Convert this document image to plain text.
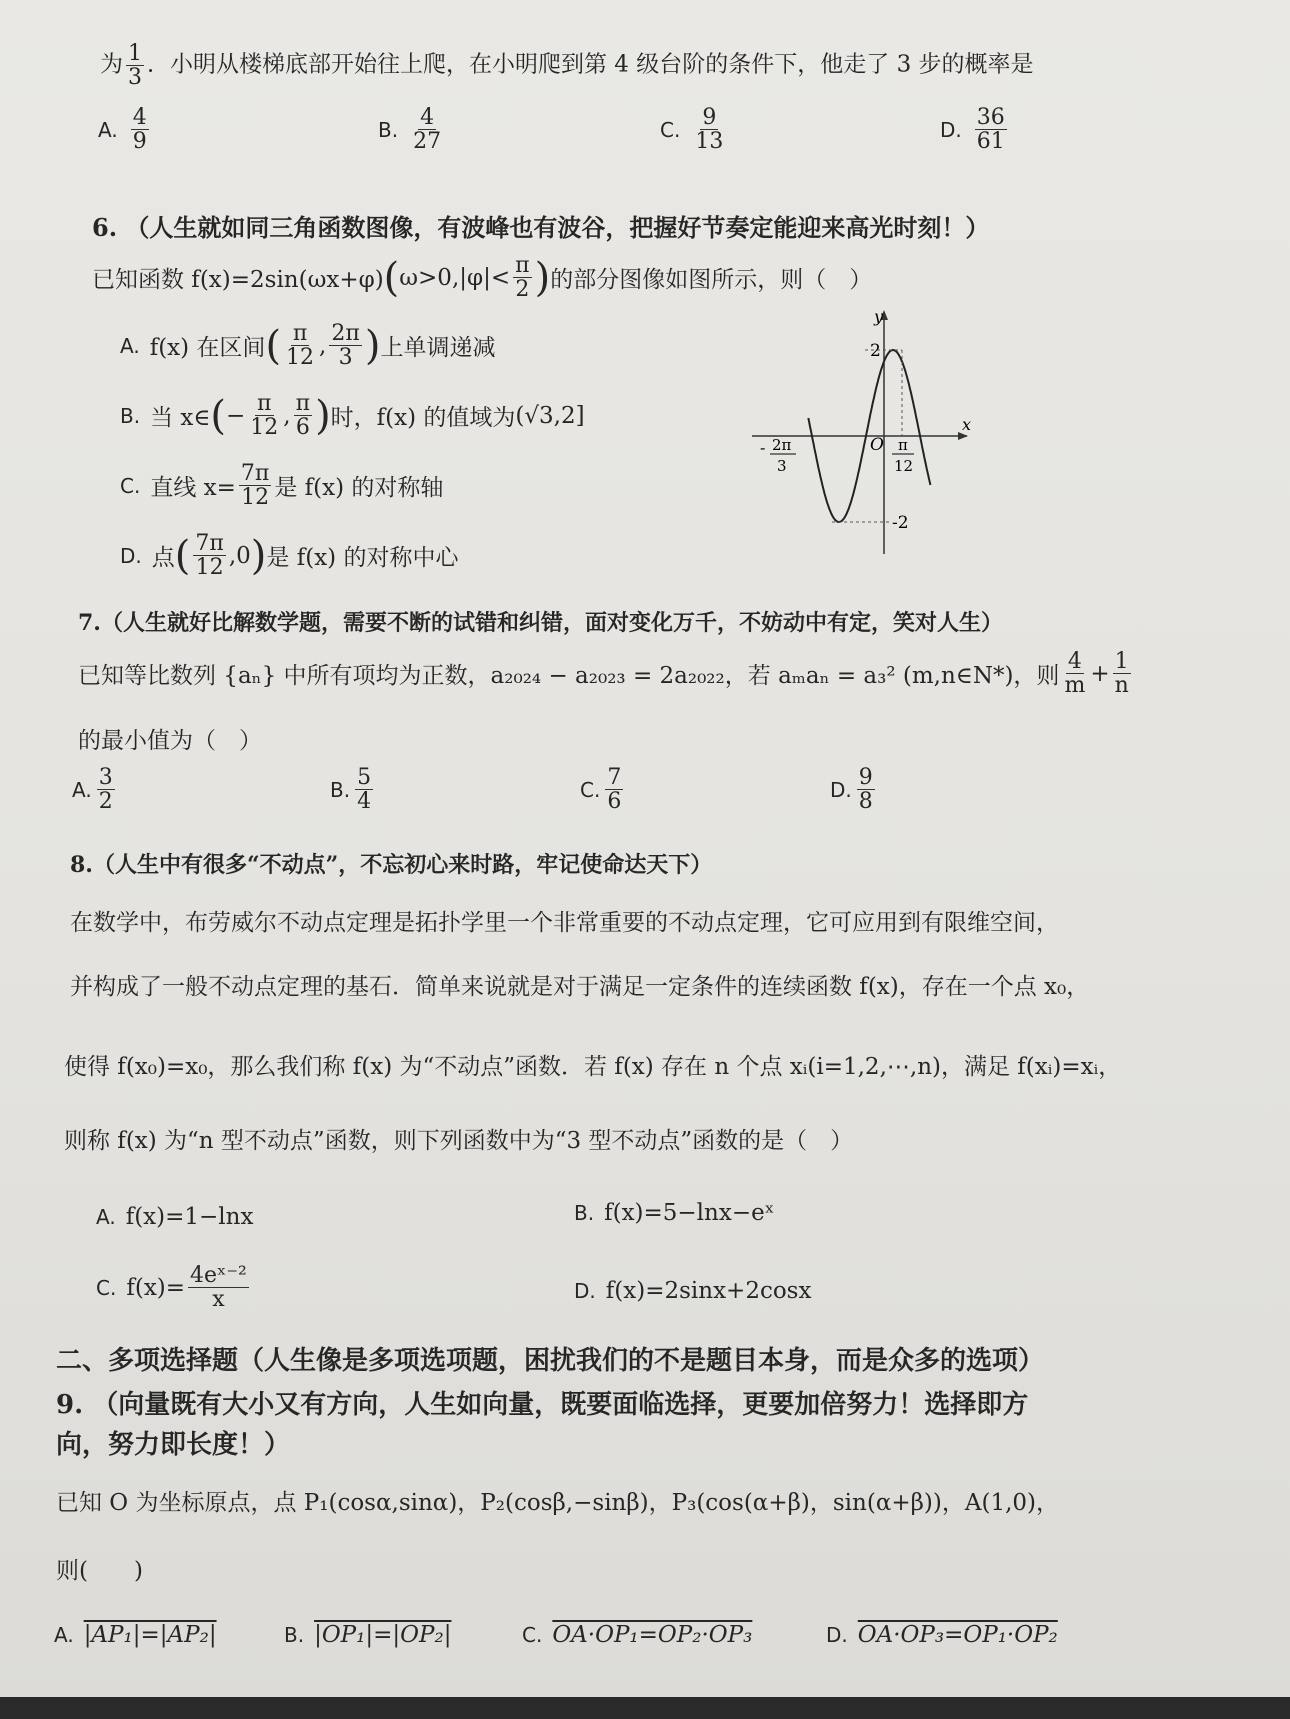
为 $\frac{1}{3}$ ．小明从楼梯底部开始往上爬，在小明爬到第 4 级台阶的条件下，他走了 3 步的概率是
A. $\frac{4}{9}$	B. $\frac{4}{27}$	C. $\frac{9}{13}$	D. $\frac{36}{61}$
6. （人生就如同三角函数图像，有波峰也有波谷，把握好节奏定能迎来高光时刻！）
已知函数 f(x)=2sin(ωx+φ) ( $\omega>0,|\varphi|< \frac{\pi}{2}$ ) 的部分图像如图所示，则（　）
A. f(x) 在区间 ( $\frac{\pi}{12}$ , $\frac{2\pi}{3}$ ) 上单调递减
B. 当 x∈ ( − $\frac{\pi}{12}$ , $\frac{\pi}{6}$ ) 时，f(x) 的值域为 (√3,2]
C. 直线 $x= \frac{7\pi}{12}$ 是 f(x) 的对称轴
D. 点 ( $\frac{7\pi}{12} ,0$ ) 是 f(x) 的对称中心
y
x
O
2
-2
- 2π
3
π
12
7.（人生就好比解数学题，需要不断的试错和纠错，面对变化万千，不妨动中有定，笑对人生）
已知等比数列 {aₙ} 中所有项均为正数，a₂₀₂₄ − a₂₀₂₃ = 2a₂₀₂₂，若 aₘaₙ = a₃² (m,n∈N*)，则 $\frac{4}{m} + \frac{1}{n}$
的最小值为（　）
A. $\frac{3}{2}$	B. $\frac{5}{4}$	C. $\frac{7}{6}$	D. $\frac{9}{8}$
8.（人生中有很多“不动点”，不忘初心来时路，牢记使命达天下）
在数学中，布劳威尔不动点定理是拓扑学里一个非常重要的不动点定理，它可应用到有限维空间，
并构成了一般不动点定理的基石．简单来说就是对于满足一定条件的连续函数 f(x)，存在一个点 x₀，
使得 f(x₀)=x₀，那么我们称 f(x) 为“不动点”函数．若 f(x) 存在 n 个点 xᵢ(i=1,2,⋯,n)，满足 f(xᵢ)=xᵢ，
则称 f(x) 为“n 型不动点”函数，则下列函数中为“3 型不动点”函数的是（　）
A. f(x)=1−lnx	B. f(x)=5−lnx−eˣ
C. $f(x)= \frac{\text{4eˣ⁻²}}{x}$	D. f(x)=2sinx+2cosx
二、多项选择题（人生像是多项选项题，困扰我们的不是题目本身，而是众多的选项）
9. （向量既有大小又有方向，人生如向量，既要面临选择，更要加倍努力！选择即方
向，努力即长度！）
已知 O 为坐标原点，点 P₁(cosα,sinα)，P₂(cosβ,−sinβ)，P₃(cos(α+β)，sin(α+β))，A(1,0)，
则(　　)
A. |AP₁|=|AP₂|	B. |OP₁|=|OP₂|	C. OA·OP₁=OP₂·OP₃	D. OA·OP₃=OP₁·OP₂
